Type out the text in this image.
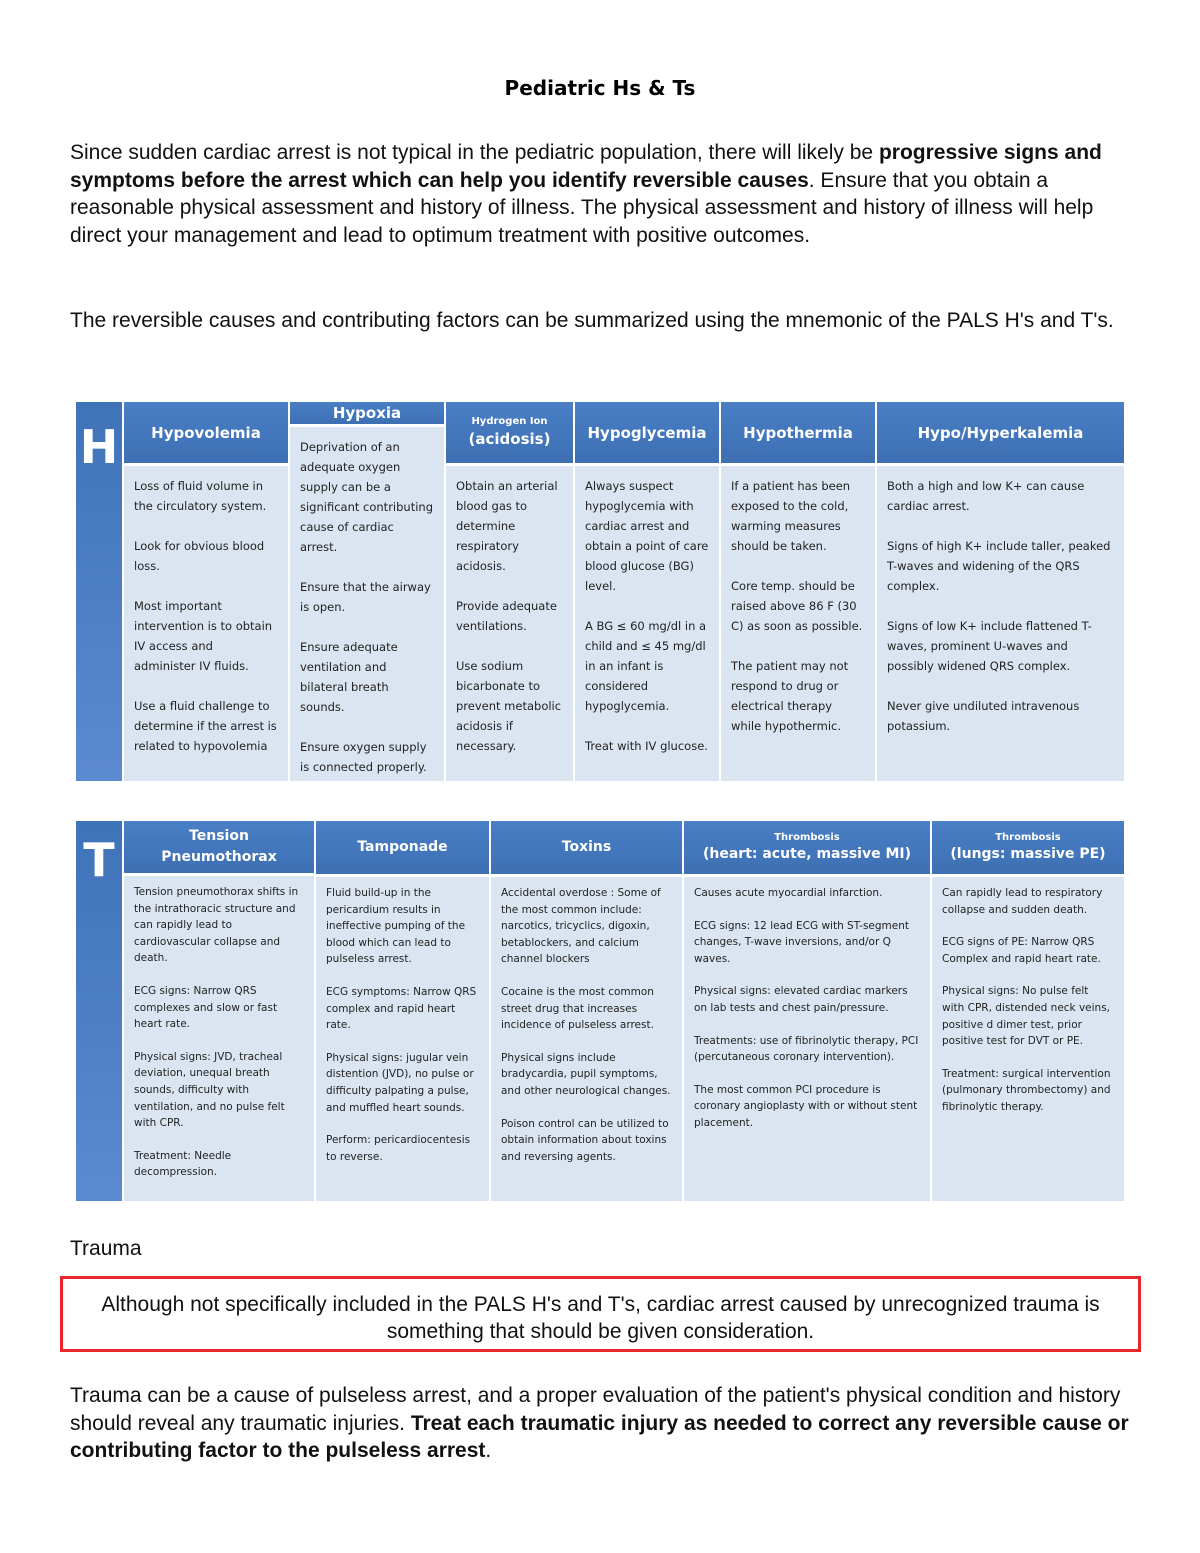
Pediatric Hs & Ts
Since sudden cardiac arrest is not typical in the pediatric population, there will likely be progressive signs and symptoms before the arrest which can help you identify reversible causes. Ensure that you obtain a reasonable physical assessment and history of illness. The physical assessment and history of illness will help direct your management and lead to optimum treatment with positive outcomes.
The reversible causes and contributing factors can be summarized using the mnemonic of the PALS H's and T's.
H Hypovolemia

Loss of fluid volume in the circulatory system.

Look for obvious blood loss.

Most important intervention is to obtain IV access and administer IV fluids.

Use a fluid challenge to determine if the arrest is related to hypovolemia

Hypoxia

Deprivation of an adequate oxygen supply can be a significant contributing cause of cardiac arrest.

Ensure that the airway is open.

Ensure adequate ventilation and bilateral breath sounds.

Ensure oxygen supply is connected properly.

Hydrogen Ion
(acidosis)

Obtain an arterial blood gas to determine respiratory acidosis.

Provide adequate ventilations.

Use sodium bicarbonate to prevent metabolic acidosis if necessary.

Hypoglycemia

Always suspect hypoglycemia with cardiac arrest and obtain a point of care blood glucose (BG) level.

A BG ≤ 60 mg/dl in a child and ≤ 45 mg/dl in an infant is considered hypoglycemia.

Treat with IV glucose.

Hypothermia

If a patient has been exposed to the cold, warming measures should be taken.

Core temp. should be raised above 86 F (30 C) as soon as possible.

The patient may not respond to drug or electrical therapy while hypothermic.

Hypo/Hyperkalemia

Both a high and low K+ can cause cardiac arrest.

Signs of high K+ include taller, peaked T-waves and widening of the QRS complex.

Signs of low K+ include flattened T-waves, prominent U-waves and possibly widened QRS complex.

Never give undiluted intravenous potassium.

T	Tension Pneumothorax

Tension pneumothorax shifts in the intrathoracic structure and can rapidly lead to cardiovascular collapse and death.

ECG signs: Narrow QRS complexes and slow or fast heart rate.

Physical signs: JVD, tracheal deviation, unequal breath sounds, difficulty with ventilation, and no pulse felt with CPR.

Treatment: Needle decompression.

Tamponade

Fluid build-up in the pericardium results in ineffective pumping of the blood which can lead to pulseless arrest.

ECG symptoms: Narrow QRS complex and rapid heart rate.

Physical signs: jugular vein distention (JVD), no pulse or difficulty palpating a pulse, and muffled heart sounds.

Perform: pericardiocentesis to reverse.

Toxins

Accidental overdose : Some of the most common include: narcotics, tricyclics, digoxin, betablockers, and calcium channel blockers

Cocaine is the most common street drug that increases incidence of pulseless arrest.

Physical signs include bradycardia, pupil symptoms, and other neurological changes.

Poison control can be utilized to obtain information about toxins and reversing agents.

Thrombosis
(heart: acute, massive MI)

Causes acute myocardial infarction.

ECG signs: 12 lead ECG with ST-segment changes, T-wave inversions, and/or Q waves.

Physical signs: elevated cardiac markers on lab tests and chest pain/pressure.

Treatments: use of fibrinolytic therapy, PCI (percutaneous coronary intervention).

The most common PCI procedure is coronary angioplasty with or without stent placement.

Thrombosis
(lungs: massive PE)

Can rapidly lead to respiratory collapse and sudden death.

ECG signs of PE: Narrow QRS Complex and rapid heart rate.

Physical signs: No pulse felt with CPR, distended neck veins, positive d dimer test, prior positive test for DVT or PE.

Treatment: surgical intervention (pulmonary thrombectomy) and fibrinolytic therapy.

Trauma
Although not specifically included in the PALS H's and T's, cardiac arrest caused by unrecognized trauma is something that should be given consideration.
Trauma can be a cause of pulseless arrest, and a proper evaluation of the patient's physical condition and history should reveal any traumatic injuries. Treat each traumatic injury as needed to correct any reversible cause or contributing factor to the pulseless arrest.
